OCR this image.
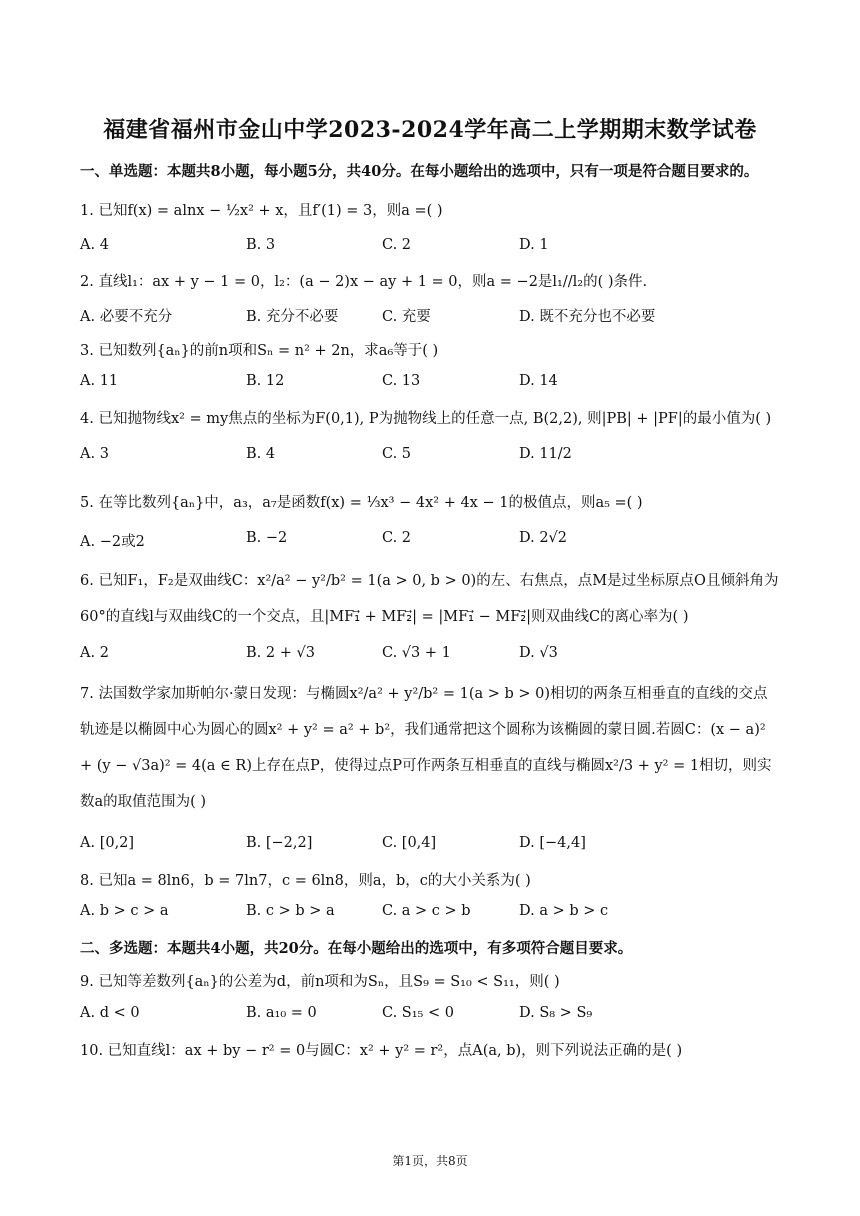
福建省福州市金山中学2023-2024学年高二上学期期末数学试卷
一、单选题：本题共8小题，每小题5分，共40分。在每小题给出的选项中，只有一项是符合题目要求的。
1. 已知f(x) = alnx − ½x² + x，且f′(1) = 3，则a =( )
A. 4	B. 3	C. 2	D. 1
2. 直线l₁：ax + y − 1 = 0，l₂：(a − 2)x − ay + 1 = 0，则a = −2是l₁//l₂的( )条件.
A. 必要不充分	B. 充分不必要	C. 充要	D. 既不充分也不必要
3. 已知数列{aₙ}的前n项和Sₙ = n² + 2n，求a₆等于( )
A. 11	B. 12	C. 13	D. 14
4. 已知抛物线x² = my焦点的坐标为F(0,1), P为抛物线上的任意一点, B(2,2), 则|PB| + |PF|的最小值为( )
A. 3	B. 4	C. 5	D. 11/2
5. 在等比数列{aₙ}中，a₃，a₇是函数f(x) = ⅓x³ − 4x² + 4x − 1的极值点，则a₅ =( )
A. −2或2	B. −2	C. 2	D. 2√2
6. 已知F₁，F₂是双曲线C：x²/a² − y²/b² = 1(a > 0, b > 0)的左、右焦点，点M是过坐标原点O且倾斜角为60°的直线l与双曲线C的一个交点，且|MF₁⃗ + MF₂⃗| = |MF₁⃗ − MF₂⃗|则双曲线C的离心率为( )
A. 2	B. 2 + √3	C. √3 + 1	D. √3
7. 法国数学家加斯帕尔·蒙日发现：与椭圆x²/a² + y²/b² = 1(a > b > 0)相切的两条互相垂直的直线的交点轨迹是以椭圆中心为圆心的圆x² + y² = a² + b²，我们通常把这个圆称为该椭圆的蒙日圆.若圆C：(x − a)² + (y − √3a)² = 4(a ∈ R)上存在点P，使得过点P可作两条互相垂直的直线与椭圆x²/3 + y² = 1相切，则实数a的取值范围为( )
A. [0,2]	B. [−2,2]	C. [0,4]	D. [−4,4]
8. 已知a = 8ln6，b = 7ln7，c = 6ln8，则a，b，c的大小关系为( )
A. b > c > a	B. c > b > a	C. a > c > b	D. a > b > c
二、多选题：本题共4小题，共20分。在每小题给出的选项中，有多项符合题目要求。
9. 已知等差数列{aₙ}的公差为d，前n项和为Sₙ，且S₉ = S₁₀ < S₁₁，则( )
A. d < 0	B. a₁₀ = 0	C. S₁₅ < 0	D. S₈ > S₉
10. 已知直线l：ax + by − r² = 0与圆C：x² + y² = r²，点A(a, b)，则下列说法正确的是( )
第1页，共8页
